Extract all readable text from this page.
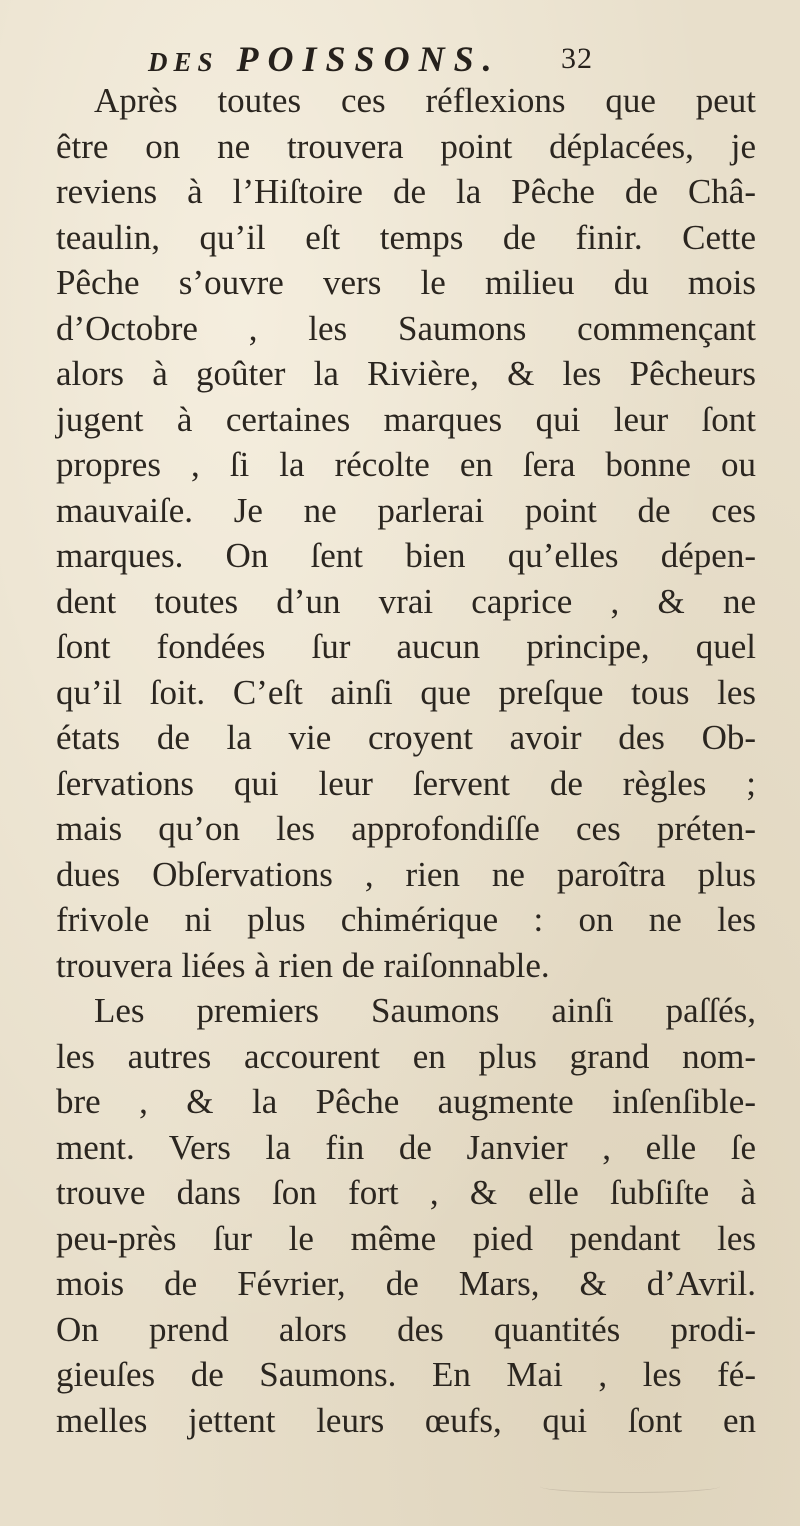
DES POISSONS. 32
Après toutes ces réflexions que peut
être on ne trouvera point déplacées, je
reviens à l’Hiſtoire de la Pêche de Châ-
teaulin, qu’il eſt temps de finir. Cette
Pêche s’ouvre vers le milieu du mois
d’Octobre , les Saumons commençant
alors à goûter la Rivière, & les Pêcheurs
jugent à certaines marques qui leur ſont
propres , ſi la récolte en ſera bonne ou
mauvaiſe. Je ne parlerai point de ces
marques. On ſent bien qu’elles dépen-
dent toutes d’un vrai caprice , & ne
ſont fondées ſur aucun principe, quel
qu’il ſoit. C’eſt ainſi que preſque tous les
états de la vie croyent avoir des Ob-
ſervations qui leur ſervent de règles ;
mais qu’on les approfondiſſe ces préten-
dues Obſervations , rien ne paroîtra plus
frivole ni plus chimérique : on ne les
trouvera liées à rien de raiſonnable.
Les premiers Saumons ainſi paſſés,
les autres accourent en plus grand nom-
bre , & la Pêche augmente inſenſible-
ment. Vers la fin de Janvier , elle ſe
trouve dans ſon fort , & elle ſubſiſte à
peu-près ſur le même pied pendant les
mois de Février, de Mars, & d’Avril.
On prend alors des quantités prodi-
gieuſes de Saumons. En Mai , les fé-
melles jettent leurs œufs, qui ſont en
